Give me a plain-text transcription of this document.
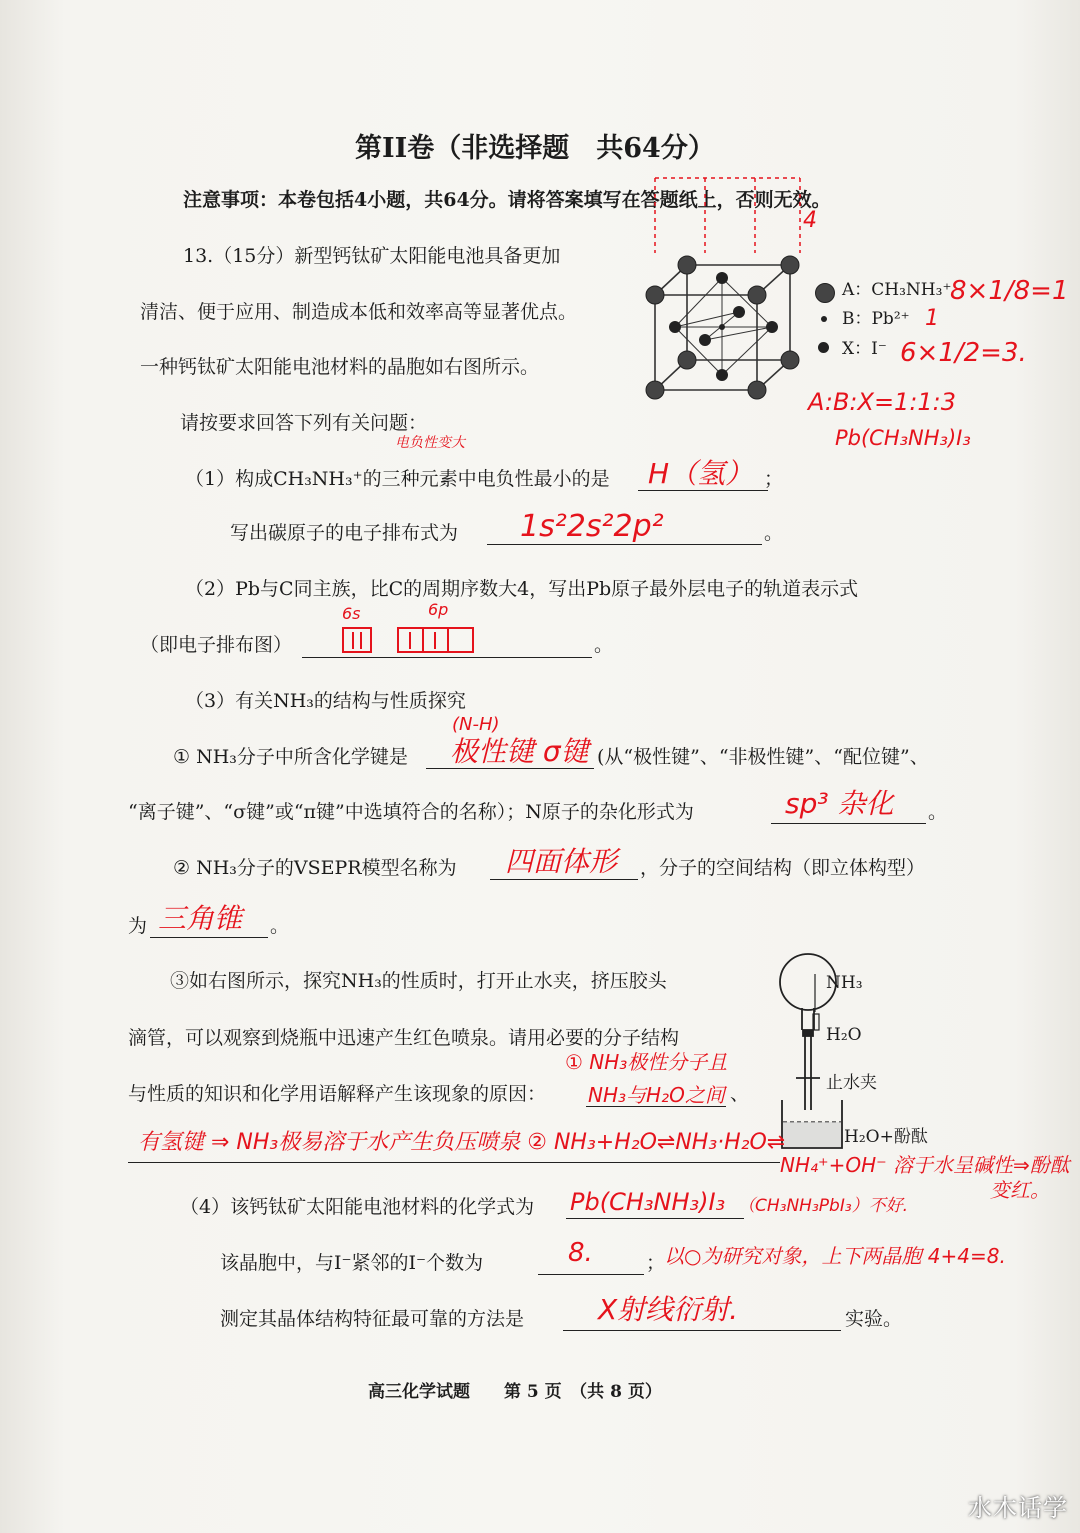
第II卷（非选择题　共64分）
注意事项：本卷包括4小题，共64分。请将答案填写在答题纸上，否则无效。
13.（15分）新型钙钛矿太阳能电池具备更加
清洁、便于应用、制造成本低和效率高等显著优点。
一种钙钛矿太阳能电池材料的晶胞如右图所示。
请按要求回答下列有关问题：
（1）构成CH₃NH₃⁺的三种元素中电负性最小的是	；
写出碳原子的电子排布式为	。
（2）Pb与C同主族，比C的周期序数大4，写出Pb原子最外层电子的轨道表示式
（即电子排布图）	。
（3）有关NH₃的结构与性质探究
① NH₃分子中所含化学键是	(从“极性键”、“非极性键”、“配位键”、
“离子键”、“σ键”或“π键”中选填符合的名称）；N原子的杂化形式为	。
② NH₃分子的VSEPR模型名称为	，分子的空间结构（即立体构型）
为	。
③如右图所示，探究NH₃的性质时，打开止水夹，挤压胶头
滴管，可以观察到烧瓶中迅速产生红色喷泉。请用必要的分子结构
与性质的知识和化学用语解释产生该现象的原因：	、
（4）该钙钛矿太阳能电池材料的化学式为
该晶胞中，与I⁻紧邻的I⁻个数为	；
测定其晶体结构特征最可靠的方法是	实验。
高三化学试题　　第 5 页　（共 8 页）
A：CH₃NH₃⁺
B：Pb²⁺
X：I⁻
NH₃
H₂O
止水夹
H₂O+酚酞
4
8×1/8=1
1
6×1/2=3.
A:B:X=1:1:3
Pb(CH₃NH₃)I₃
电负性变大
H（氢）
1s²2s²2p²
6s	6p
(N-H)
极性键 σ键
sp³ 杂化
四面体形
三角锥
① NH₃极性分子且
NH₃与H₂O之间
有氢键 ⇒ NH₃极易溶于水产生负压喷泉 ② NH₃+H₂O⇌NH₃·H₂O⇌
NH₄⁺+OH⁻ 溶于水呈碱性⇒酚酞
变红。
Pb(CH₃NH₃)I₃ （CH₃NH₃PbI₃）不好.
8.	以○为研究对象，上下两晶胞 4+4=8.
X射线衍射.
水木话学
